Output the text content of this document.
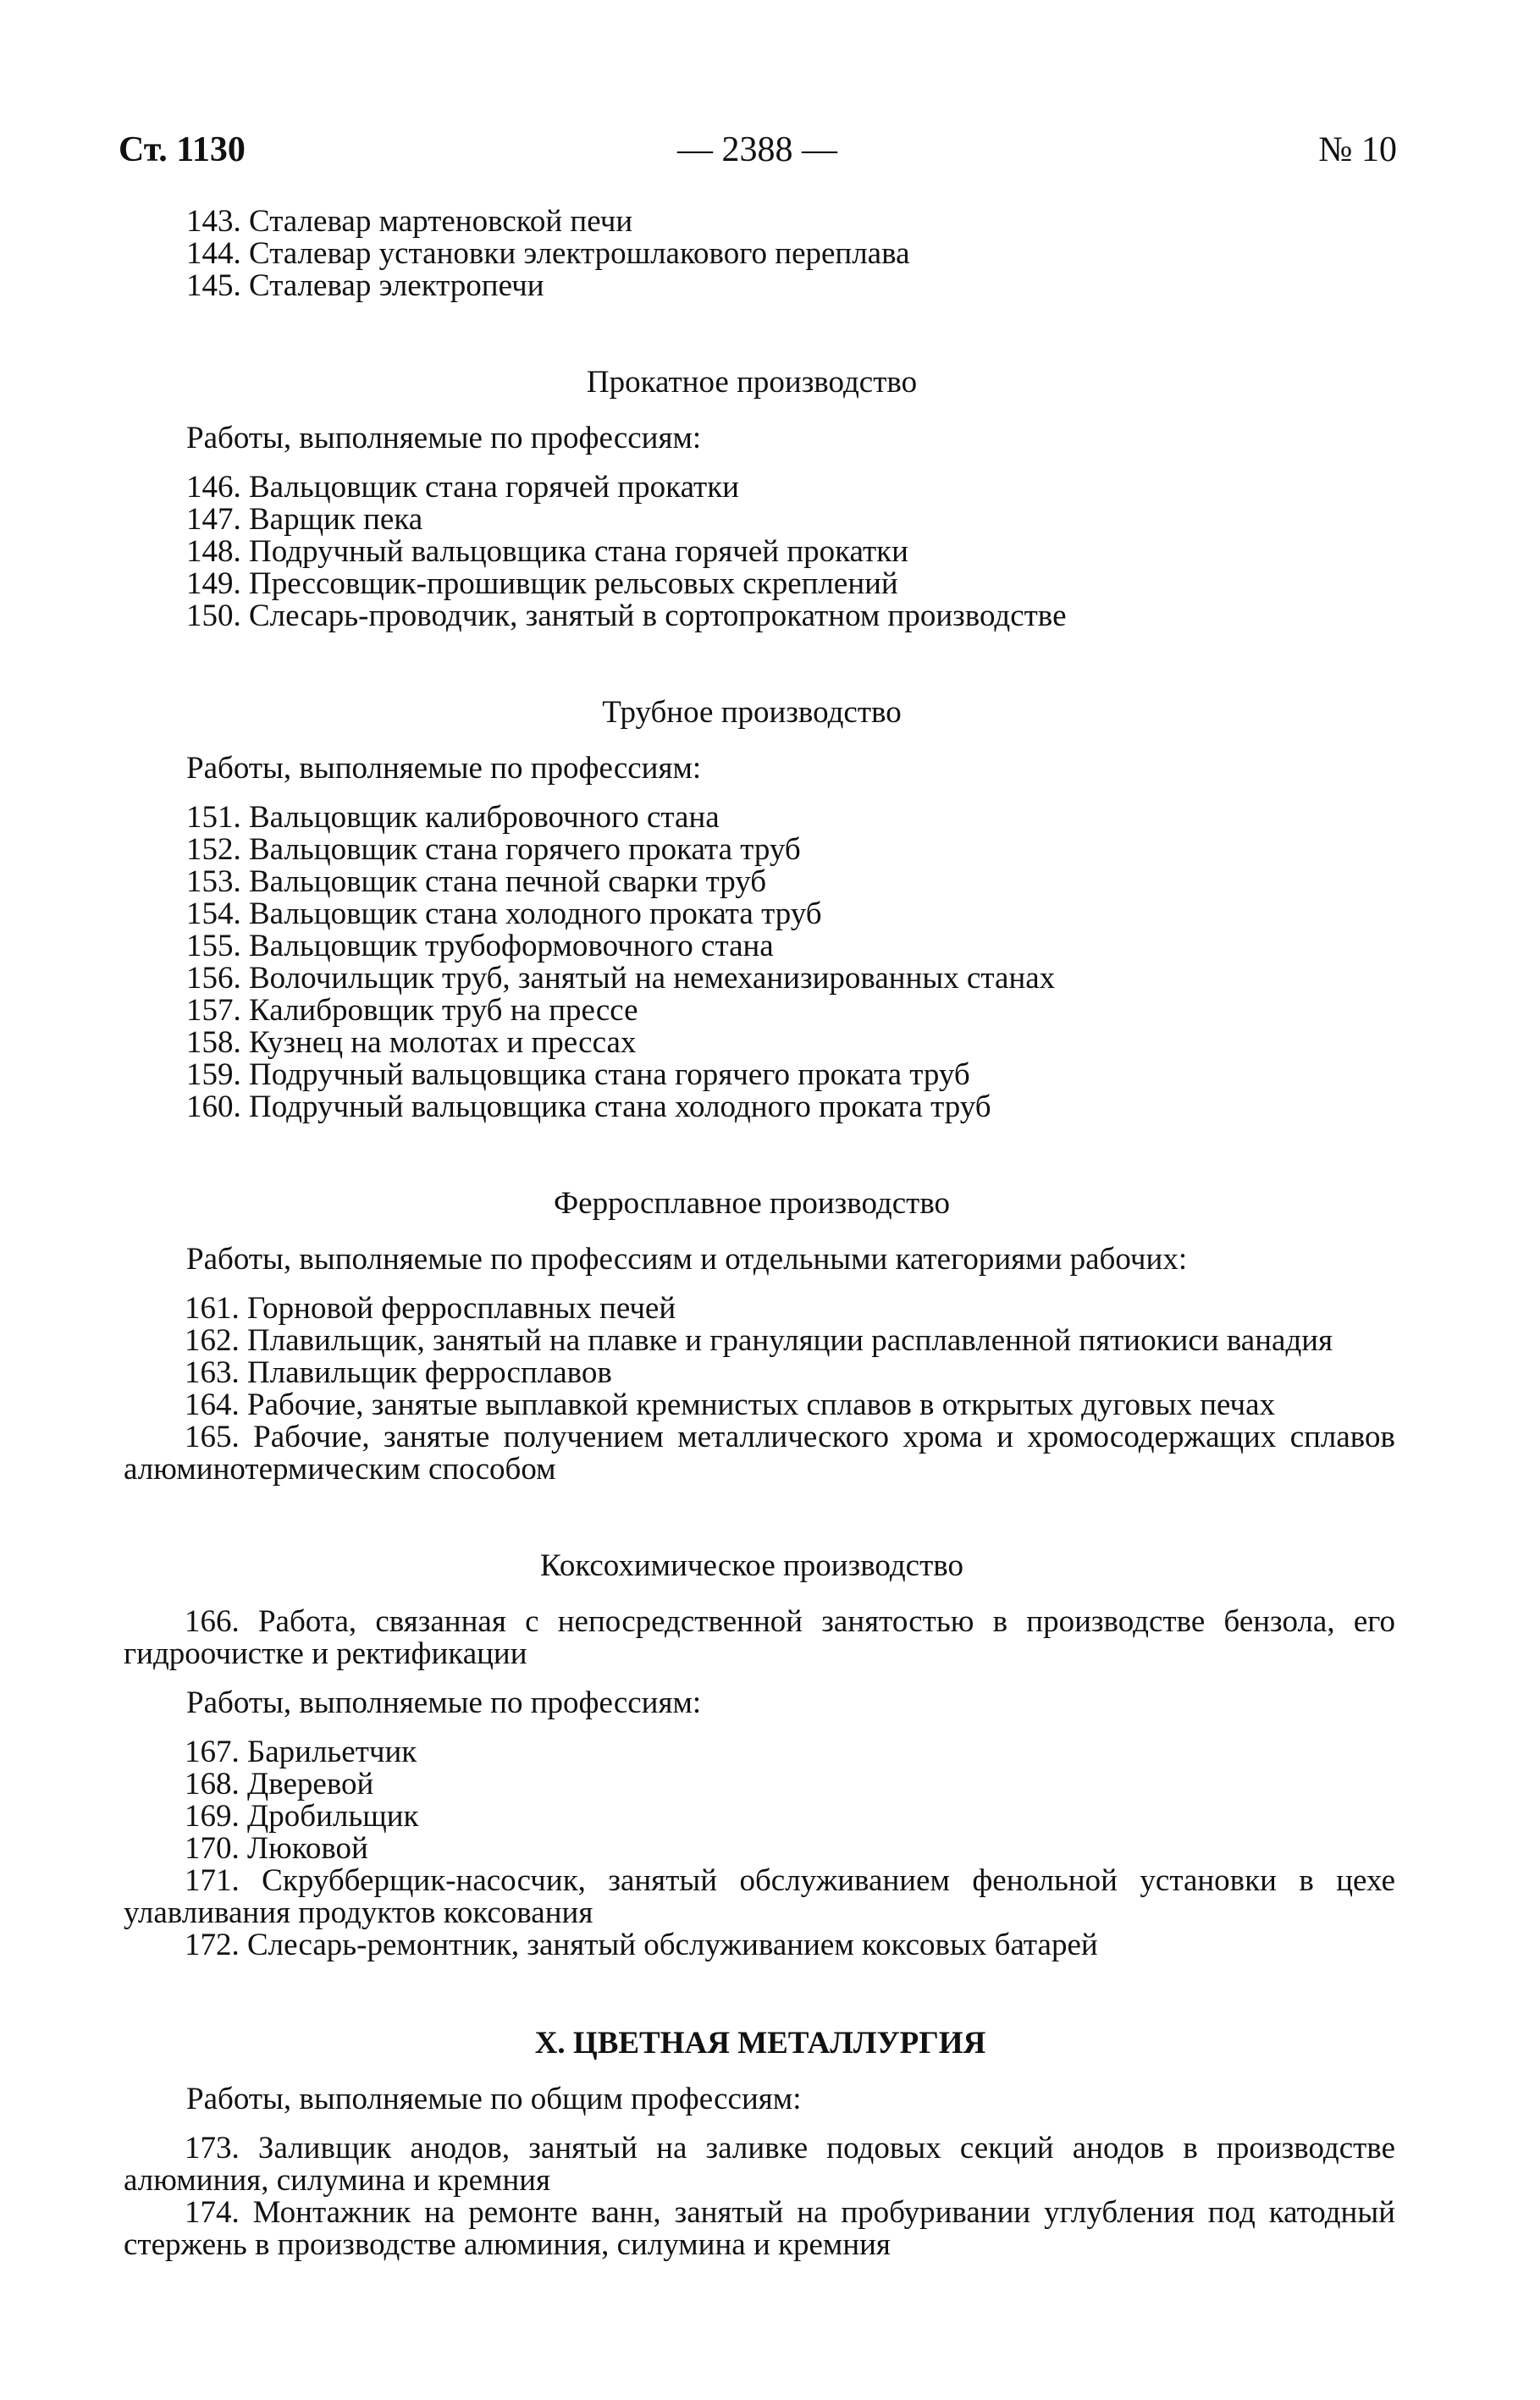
Ст. 1130	— 2388 —	№ 10

143. Сталевар мартеновской печи

144. Сталевар установки электрошлакового переплава

145. Сталевар электропечи

Прокатное производство

Работы, выполняемые по профессиям:

146. Вальцовщик стана горячей прокатки

147. Варщик пека

148. Подручный вальцовщика стана горячей прокатки

149. Прессовщик-прошивщик рельсовых скреплений

150. Слесарь-проводчик, занятый в сортопрокатном производстве

Трубное производство

Работы, выполняемые по профессиям:

151. Вальцовщик калибровочного стана

152. Вальцовщик стана горячего проката труб

153. Вальцовщик стана печной сварки труб

154. Вальцовщик стана холодного проката труб

155. Вальцовщик трубоформовочного стана

156. Волочильщик труб, занятый на немеханизированных станах

157. Калибровщик труб на прессе

158. Кузнец на молотах и прессах

159. Подручный вальцовщика стана горячего проката труб

160. Подручный вальцовщика стана холодного проката труб

Ферросплавное производство

Работы, выполняемые по профессиям и отдельными категориями рабочих:

161. Горновой ферросплавных печей

162. Плавильщик, занятый на плавке и грануляции расплавленной пятиокиси ванадия

163. Плавильщик ферросплавов

164. Рабочие, занятые выплавкой кремнистых сплавов в открытых дуговых печах

165. Рабочие, занятые получением металлического хрома и хромосодержащих сплавов алюминотермическим способом

Коксохимическое производство

166. Работа, связанная с непосредственной занятостью в производстве бензола, его гидроочистке и ректификации

Работы, выполняемые по профессиям:

167. Барильетчик

168. Дверевой

169. Дробильщик

170. Люковой

171. Скрубберщик-насосчик, занятый обслуживанием фенольной установки в цехе улавливания продуктов коксования

172. Слесарь-ремонтник, занятый обслуживанием коксовых батарей

X. ЦВЕТНАЯ МЕТАЛЛУРГИЯ

Работы, выполняемые по общим профессиям:

173. Заливщик анодов, занятый на заливке подовых секций анодов в производстве алюминия, силумина и кремния

174. Монтажник на ремонте ванн, занятый на пробуривании углубления под катодный стержень в производстве алюминия, силумина и кремния
